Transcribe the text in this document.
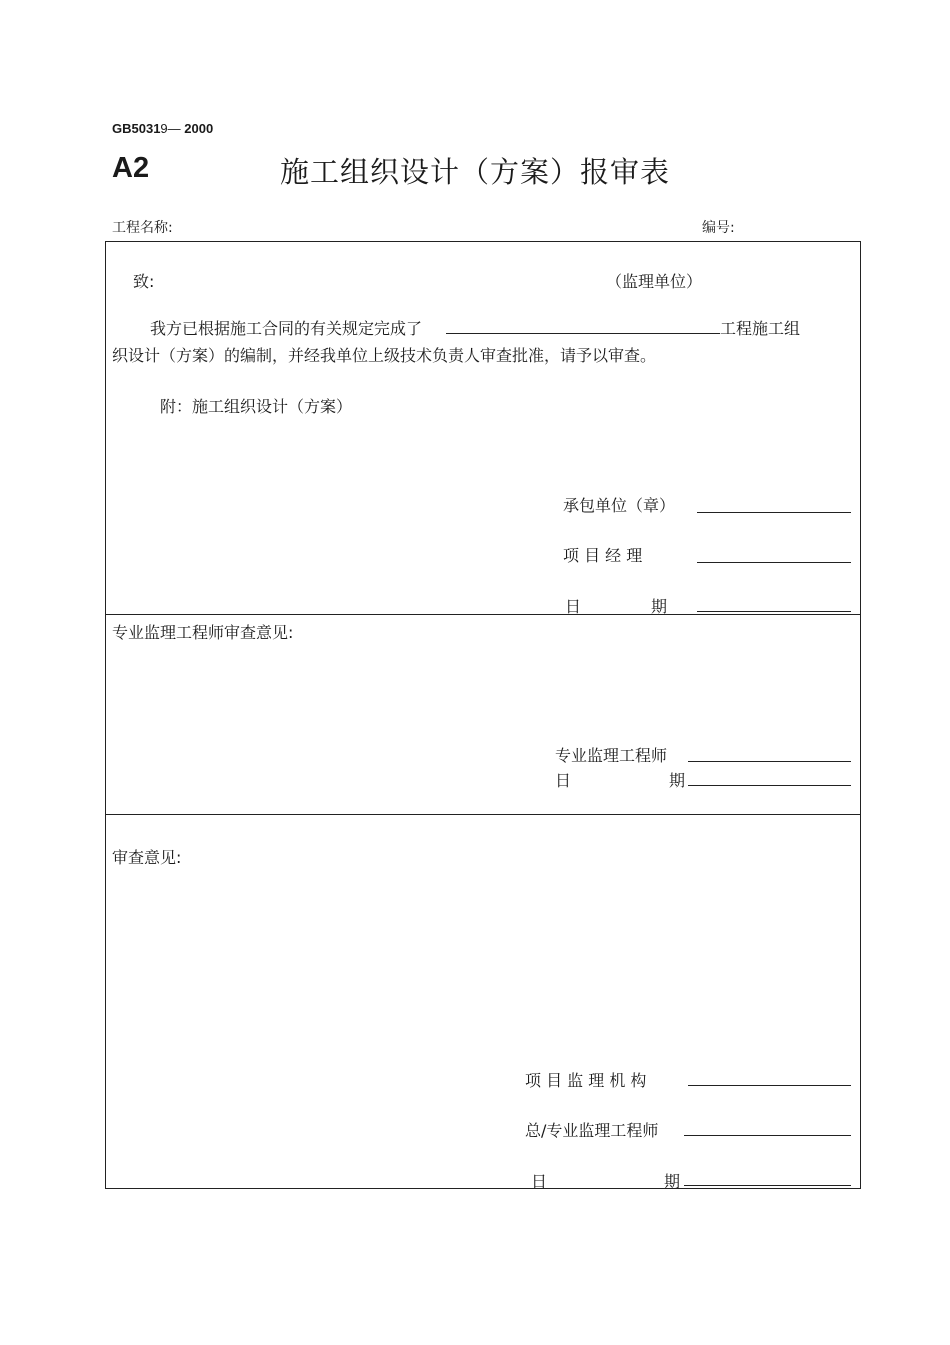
GB50319— 2000
A2	施工组织设计（方案）报审表
工程名称:	编号:
致:	（监理单位）
我方已根据施工合同的有关规定完成了	工程施工组
织设计（方案）的编制，并经我单位上级技术负责人审查批准，请予以审查。
附：施工组织设计（方案）
承包单位（章）
项 目 经 理
日	期
专业监理工程师审查意见:
专业监理工程师
日	期
审查意见:
项 目 监 理 机 构
总/专业监理工程师
日	期
